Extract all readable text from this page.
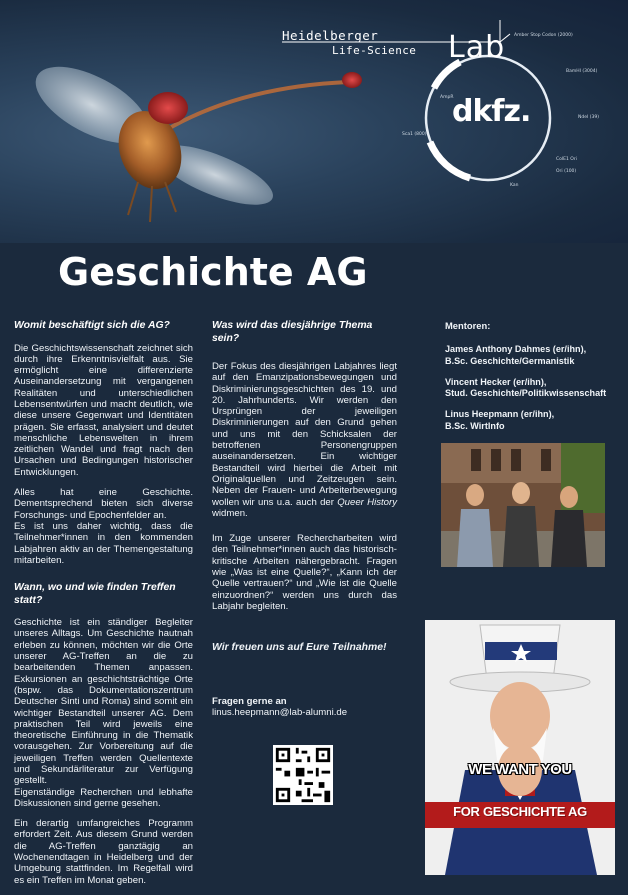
Amber Stop Codon (2000)
BamHI (3004)
NdeI (39)
ColE1 Ori
Ori (100)
Kan
Sca1 (800)
AmpR
Heidelberger
Life-Science Lab
dkfz.
Geschichte AG
Womit beschäftigt sich die AG?

Die Geschichtswissenschaft zeichnet sich durch ihre Erkenntnisvielfalt aus. Sie ermöglicht eine differenzierte Auseinandersetzung mit vergangenen Realitäten und unterschiedlichen Lebensentwürfen und macht deutlich, wie diese unsere Gegenwart und Identitäten prägen. Sie erfasst, analysiert und deutet menschliche Lebenswelten in ihrem zeitlichen Wandel und fragt nach den Ursachen und Bedingungen historischer Entwicklungen.

Alles hat eine Geschichte. Dementsprechend bieten sich diverse Forschungs- und Epochenfelder an.

Es ist uns daher wichtig, dass die Teilnehmer*innen in den kommenden Labjahren aktiv an der Themengestaltung mitarbeiten.

Wann, wo und wie finden Treffen statt?

Geschichte ist ein ständiger Begleiter unseres Alltags. Um Geschichte hautnah erleben zu können, möchten wir die Orte unserer AG-Treffen an die zu bearbeitenden Themen anpassen. Exkursionen an geschichtsträchtige Orte (bspw. das Dokumentationszentrum Deutscher Sinti und Roma) sind somit ein wichtiger Bestandteil unserer AG. Dem praktischen Teil wird jeweils eine theoretische Einführung in die Thematik vorausgehen. Zur Vorbereitung auf die jeweiligen Treffen werden Quellentexte und Sekundärliteratur zur Verfügung gestellt.

Eigenständige Recherchen und lebhafte Diskussionen sind gerne gesehen.

Ein derartig umfangreiches Programm erfordert Zeit. Aus diesem Grund werden die AG-Treffen ganztägig an Wochenendtagen in Heidelberg und der Umgebung stattfinden. Im Regelfall wird es ein Treffen im Monat geben.

Was wird das diesjährige Thema sein?

Der Fokus des diesjährigen Labjahres liegt auf den Emanzipationsbewegungen und Diskriminierungsgeschichten des 19. und 20. Jahrhunderts. Wir werden den Ursprüngen der jeweiligen Diskriminierungen auf den Grund gehen und uns mit den Schicksalen der betroffenen Personengruppen auseinandersetzen. Ein wichtiger Bestandteil wird hierbei die Arbeit mit Originalquellen und Zeitzeugen sein. Neben der Frauen- und Arbeiterbewegung wollen wir uns u.a. auch der Queer History widmen.

Im Zuge unserer Rechercharbeiten wird den Teilnehmer*innen auch das historisch-kritische Arbeiten nähergebracht. Fragen wie „Was ist eine Quelle?“, „Kann ich der Quelle vertrauen?“ und „Wie ist die Quelle einzuordnen?“ werden uns durch das Labjahr begleiten.

Wir freuen uns auf Eure Teilnahme!
Fragen gerne an
linus.heepmann@lab-alumni.de
Mentoren:
James Anthony Dahmes (er/ihn),
B.Sc. Geschichte/Germanistik
Vincent Hecker (er/ihn),
Stud. Geschichte/Politikwissenschaft
Linus Heepmann (er/ihn),
B.Sc. WirtInfo
WE WANT YOU
FOR GESCHICHTE AG
